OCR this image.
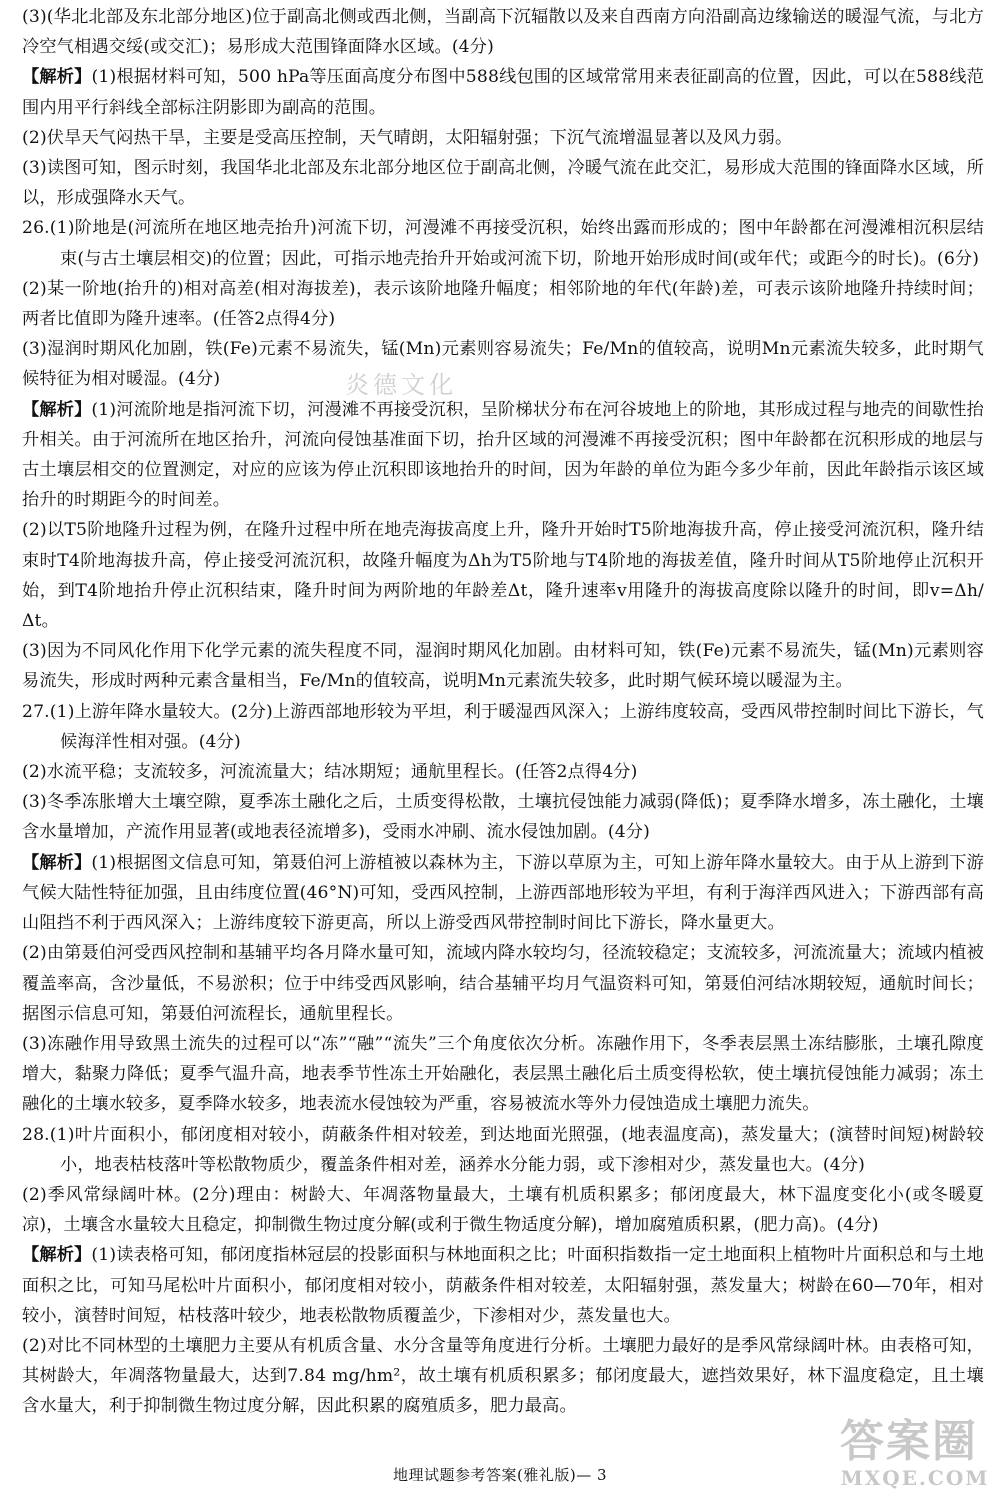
炎德文化

(3)(华北北部及东北部分地区)位于副高北侧或西北侧，当副高下沉辐散以及来自西南方向沿副高边缘输送的暖湿气流，与北方冷空气相遇交绥(或交汇)；易形成大范围锋面降水区域。(4分)

【解析】(1)根据材料可知，500 hPa等压面高度分布图中588线包围的区域常常用来表征副高的位置，因此，可以在588线范围内用平行斜线全部标注阴影即为副高的范围。

(2)伏旱天气闷热干旱，主要是受高压控制，天气晴朗，太阳辐射强；下沉气流增温显著以及风力弱。

(3)读图可知，图示时刻，我国华北北部及东北部分地区位于副高北侧，冷暖气流在此交汇，易形成大范围的锋面降水区域，所以，形成强降水天气。

26.(1)阶地是(河流所在地区地壳抬升)河流下切，河漫滩不再接受沉积，始终出露而形成的；图中年龄都在河漫滩相沉积层结束(与古土壤层相交)的位置；因此，可指示地壳抬升开始或河流下切，阶地开始形成时间(或年代；或距今的时长)。(6分)

(2)某一阶地(抬升的)相对高差(相对海拔差)，表示该阶地隆升幅度；相邻阶地的年代(年龄)差，可表示该阶地隆升持续时间；两者比值即为隆升速率。(任答2点得4分)

(3)湿润时期风化加剧，铁(Fe)元素不易流失，锰(Mn)元素则容易流失；Fe/Mn的值较高，说明Mn元素流失较多，此时期气候特征为相对暖湿。(4分)

【解析】(1)河流阶地是指河流下切，河漫滩不再接受沉积，呈阶梯状分布在河谷坡地上的阶地，其形成过程与地壳的间歇性抬升相关。由于河流所在地区抬升，河流向侵蚀基准面下切，抬升区域的河漫滩不再接受沉积；图中年龄都在沉积形成的地层与古土壤层相交的位置测定，对应的应该为停止沉积即该地抬升的时间，因为年龄的单位为距今多少年前，因此年龄指示该区域抬升的时期距今的时间差。

(2)以T5阶地隆升过程为例，在隆升过程中所在地壳海拔高度上升，隆升开始时T5阶地海拔升高，停止接受河流沉积，隆升结束时T4阶地海拔升高，停止接受河流沉积，故隆升幅度为Δh为T5阶地与T4阶地的海拔差值，隆升时间从T5阶地停止沉积开始，到T4阶地抬升停止沉积结束，隆升时间为两阶地的年龄差Δt，隆升速率v用隆升的海拔高度除以隆升的时间，即v=Δh/Δt。

(3)因为不同风化作用下化学元素的流失程度不同，湿润时期风化加剧。由材料可知，铁(Fe)元素不易流失，锰(Mn)元素则容易流失，形成时两种元素含量相当，Fe/Mn的值较高，说明Mn元素流失较多，此时期气候环境以暖湿为主。

27.(1)上游年降水量较大。(2分)上游西部地形较为平坦，利于暖湿西风深入；上游纬度较高，受西风带控制时间比下游长，气候海洋性相对强。(4分)

(2)水流平稳；支流较多，河流流量大；结冰期短；通航里程长。(任答2点得4分)

(3)冬季冻胀增大土壤空隙，夏季冻土融化之后，土质变得松散，土壤抗侵蚀能力减弱(降低)；夏季降水增多，冻土融化，土壤含水量增加，产流作用显著(或地表径流增多)，受雨水冲刷、流水侵蚀加剧。(4分)

【解析】(1)根据图文信息可知，第聂伯河上游植被以森林为主，下游以草原为主，可知上游年降水量较大。由于从上游到下游气候大陆性特征加强，且由纬度位置(46°N)可知，受西风控制，上游西部地形较为平坦，有利于海洋西风进入；下游西部有高山阻挡不利于西风深入；上游纬度较下游更高，所以上游受西风带控制时间比下游长，降水量更大。

(2)由第聂伯河受西风控制和基辅平均各月降水量可知，流域内降水较均匀，径流较稳定；支流较多，河流流量大；流域内植被覆盖率高，含沙量低，不易淤积；位于中纬受西风影响，结合基辅平均月气温资料可知，第聂伯河结冰期较短，通航时间长；据图示信息可知，第聂伯河流程长，通航里程长。

(3)冻融作用导致黑土流失的过程可以“冻”“融”“流失”三个角度依次分析。冻融作用下，冬季表层黑土冻结膨胀，土壤孔隙度增大，黏聚力降低；夏季气温升高，地表季节性冻土开始融化，表层黑土融化后土质变得松软，使土壤抗侵蚀能力减弱；冻土融化的土壤水较多，夏季降水较多，地表流水侵蚀较为严重，容易被流水等外力侵蚀造成土壤肥力流失。

28.(1)叶片面积小，郁闭度相对较小，荫蔽条件相对较差，到达地面光照强，(地表温度高)，蒸发量大；(演替时间短)树龄较小，地表枯枝落叶等松散物质少，覆盖条件相对差，涵养水分能力弱，或下渗相对少，蒸发量也大。(4分)

(2)季风常绿阔叶林。(2分)理由：树龄大、年凋落物量最大，土壤有机质积累多；郁闭度最大，林下温度变化小(或冬暖夏凉)，土壤含水量较大且稳定，抑制微生物过度分解(或利于微生物适度分解)，增加腐殖质积累，(肥力高)。(4分)

【解析】(1)读表格可知，郁闭度指林冠层的投影面积与林地面积之比；叶面积指数指一定土地面积上植物叶片面积总和与土地面积之比，可知马尾松叶片面积小，郁闭度相对较小，荫蔽条件相对较差，太阳辐射强，蒸发量大；树龄在60—70年，相对较小，演替时间短，枯枝落叶较少，地表松散物质覆盖少，下渗相对少，蒸发量也大。

(2)对比不同林型的土壤肥力主要从有机质含量、水分含量等角度进行分析。土壤肥力最好的是季风常绿阔叶林。由表格可知，其树龄大，年凋落物量最大，达到7.84 mg/hm²，故土壤有机质积累多；郁闭度最大，遮挡效果好，林下温度稳定，且土壤含水量大，利于抑制微生物过度分解，因此积累的腐殖质多，肥力最高。

地理试题参考答案(雅礼版)— 3
答案圈
MXQE.COM
